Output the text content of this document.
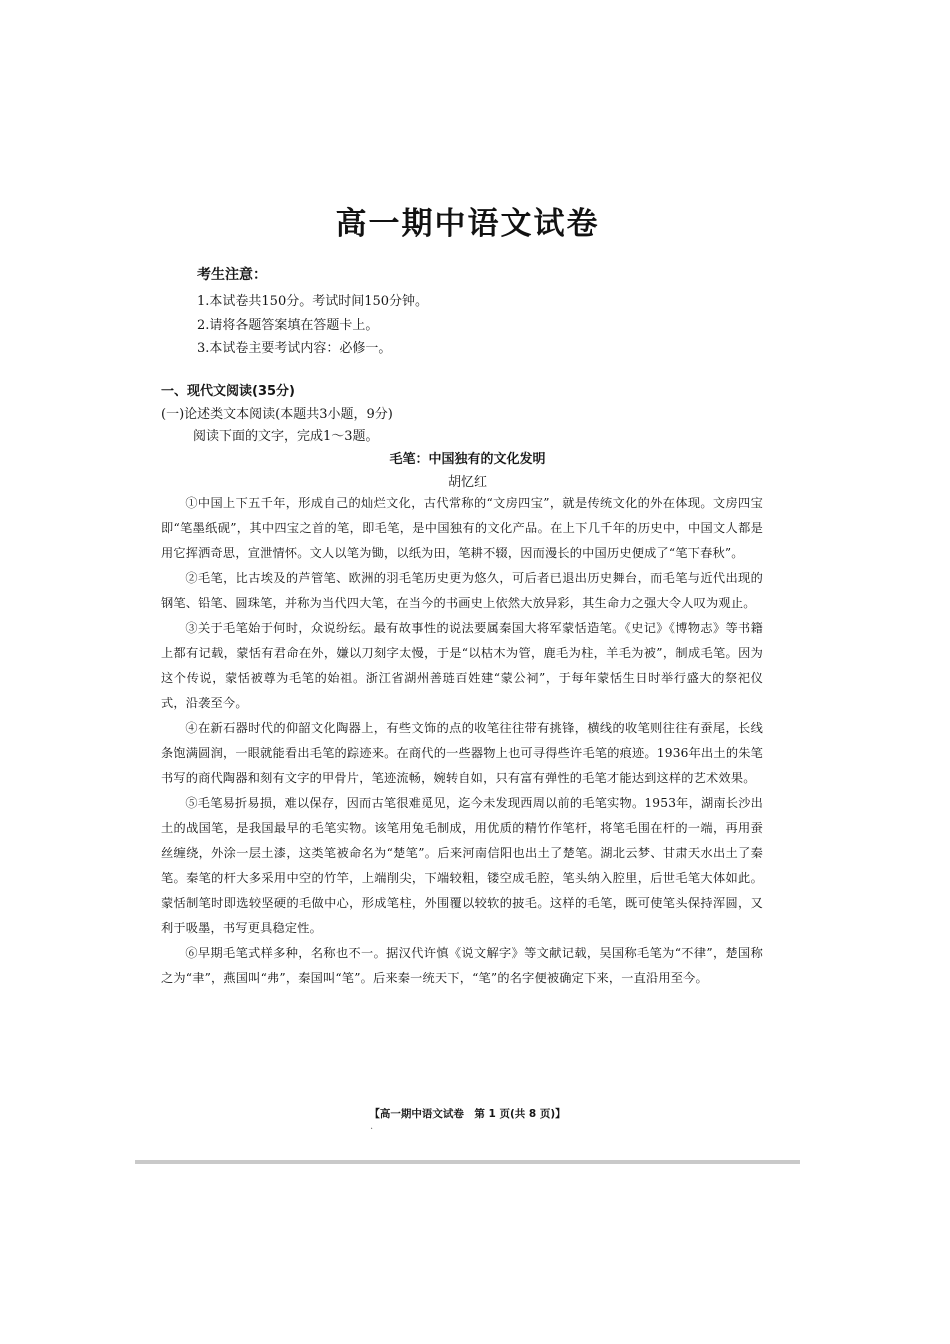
高一期中语文试卷
考生注意：
1.本试卷共150分。考试时间150分钟。
2.请将各题答案填在答题卡上。
3.本试卷主要考试内容：必修一。
一、现代文阅读(35分)
(一)论述类文本阅读(本题共3小题，9分)
阅读下面的文字，完成1～3题。
毛笔：中国独有的文化发明
胡忆红

①中国上下五千年，形成自己的灿烂文化，古代常称的“文房四宝”，就是传统文化的外在体现。文房四宝即“笔墨纸砚”，其中四宝之首的笔，即毛笔，是中国独有的文化产品。在上下几千年的历史中，中国文人都是用它挥洒奇思，宣泄情怀。文人以笔为锄，以纸为田，笔耕不辍，因而漫长的中国历史便成了“笔下春秋”。

②毛笔，比古埃及的芦管笔、欧洲的羽毛笔历史更为悠久，可后者已退出历史舞台，而毛笔与近代出现的钢笔、铅笔、圆珠笔，并称为当代四大笔，在当今的书画史上依然大放异彩，其生命力之强大令人叹为观止。

③关于毛笔始于何时，众说纷纭。最有故事性的说法要属秦国大将军蒙恬造笔。《史记》《博物志》等书籍上都有记载，蒙恬有君命在外，嫌以刀刻字太慢，于是“以枯木为管，鹿毛为柱，羊毛为被”，制成毛笔。因为这个传说，蒙恬被尊为毛笔的始祖。浙江省湖州善琏百姓建“蒙公祠”，于每年蒙恬生日时举行盛大的祭祀仪式，沿袭至今。

④在新石器时代的仰韶文化陶器上，有些文饰的点的收笔往往带有挑锋，横线的收笔则往往有蚕尾，长线条饱满圆润，一眼就能看出毛笔的踪迹来。在商代的一些器物上也可寻得些许毛笔的痕迹。1936年出土的朱笔书写的商代陶器和刻有文字的甲骨片，笔迹流畅，婉转自如，只有富有弹性的毛笔才能达到这样的艺术效果。

⑤毛笔易折易损，难以保存，因而古笔很难觅见，迄今未发现西周以前的毛笔实物。1953年，湖南长沙出土的战国笔，是我国最早的毛笔实物。该笔用兔毛制成，用优质的精竹作笔杆，将笔毛围在杆的一端，再用蚕丝缠绕，外涂一层土漆，这类笔被命名为“楚笔”。后来河南信阳也出土了楚笔。湖北云梦、甘肃天水出土了秦笔。秦笔的杆大多采用中空的竹竿，上端削尖，下端较粗，镂空成毛腔，笔头纳入腔里，后世毛笔大体如此。蒙恬制笔时即选较坚硬的毛做中心，形成笔柱，外围覆以较软的披毛。这样的毛笔，既可使笔头保持浑圆，又利于吸墨，书写更具稳定性。

⑥早期毛笔式样多种，名称也不一。据汉代许慎《说文解字》等文献记载，吴国称毛笔为“不律”，楚国称之为“聿”，燕国叫“弗”，秦国叫“笔”。后来秦一统天下，“笔”的名字便被确定下来，一直沿用至今。

【高一期中语文试卷　第 1 页(共 8 页)】
·
